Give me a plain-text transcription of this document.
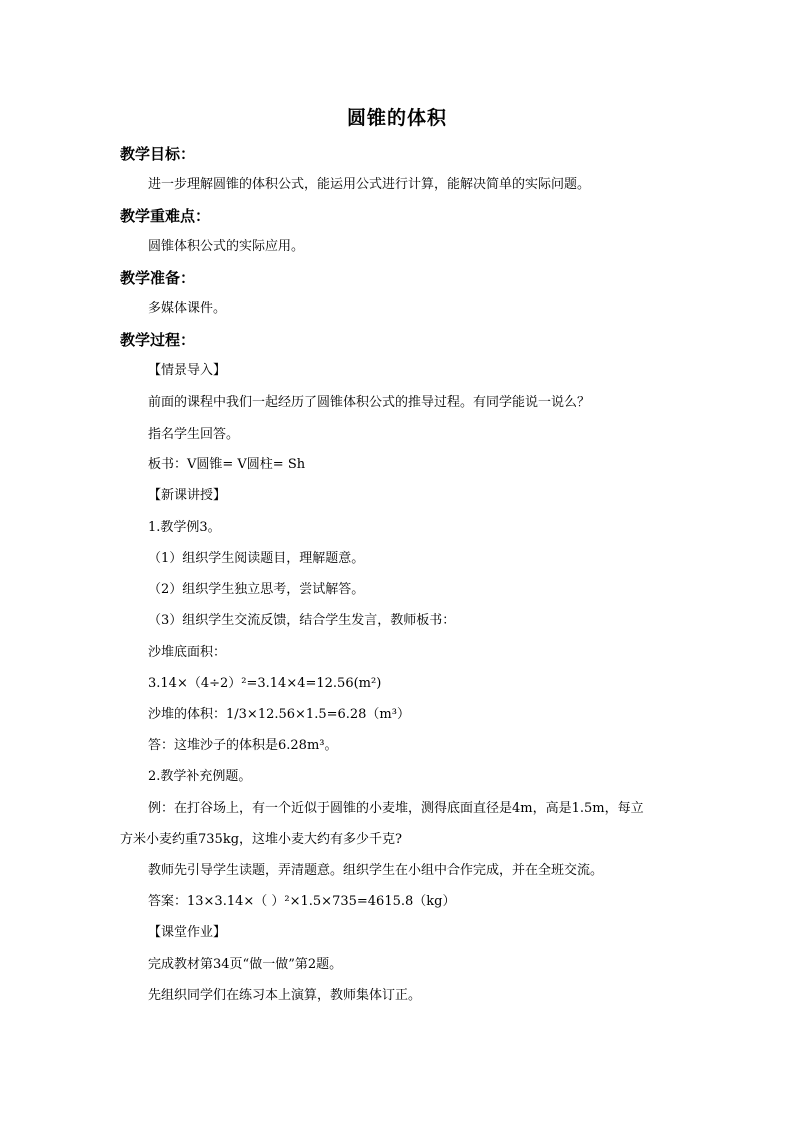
圆锥的体积
教学目标：
进一步理解圆锥的体积公式，能运用公式进行计算，能解决简单的实际问题。
教学重难点：
圆锥体积公式的实际应用。
教学准备：
多媒体课件。
教学过程：
【情景导入】
前面的课程中我们一起经历了圆锥体积公式的推导过程。有同学能说一说么？
指名学生回答。
板书：V圆锥= V圆柱= Sh
【新课讲授】
1.教学例3。
（1）组织学生阅读题目，理解题意。
（2）组织学生独立思考，尝试解答。
（3）组织学生交流反馈，结合学生发言，教师板书：
沙堆底面积：
3.14×（4÷2）²=3.14×4=12.56(m²)
沙堆的体积：1/3×12.56×1.5=6.28（m³）
答：这堆沙子的体积是6.28m³。
2.教学补充例题。
例：在打谷场上，有一个近似于圆锥的小麦堆，测得底面直径是4m，高是1.5m，每立
方米小麦约重735kg，这堆小麦大约有多少千克?
教师先引导学生读题，弄清题意。组织学生在小组中合作完成，并在全班交流。
答案：13×3.14×（ ）²×1.5×735=4615.8（kg）
【课堂作业】
完成教材第34页“做一做”第2题。
先组织同学们在练习本上演算，教师集体订正。
